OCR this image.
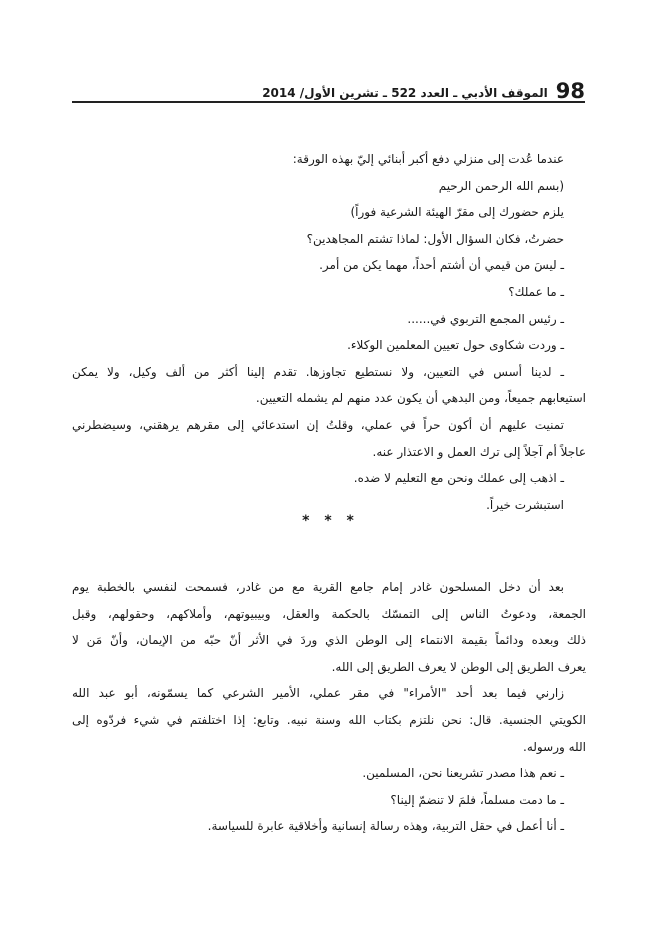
98
الموقف الأدبي ـ العدد 522 ـ تشرين الأول/ 2014

عندما عُدت إلى منزلي دفع أكبر أبنائي إليّ بهذه الورقة:

(بسم الله الرحمن الرحيم

يلزم حضورك إلى مقرّ الهيئة الشرعية فوراً)

حضرتُ، فكان السؤال الأول: لماذا تشتم المجاهدين؟

ـ ليسَ من قيمي أن أشتم أحداً، مهما يكن من أمر.

ـ ما عملك؟

ـ رئيس المجمع التربوي في......

ـ وردت شكاوى حول تعيين المعلمين الوكلاء.

ـ لدينا أسس في التعيين، ولا نستطيع تجاوزها. تقدم إلينا أكثر من ألف وكيل، ولا يمكن

استيعابهم جميعاً، ومن البدهي أن يكون عدد منهم لم يشمله التعيين.

تمنيت عليهم أن أكون حراً في عملي، وقلتُ إن استدعائي إلى مقرهم يرهقني، وسيضطرني

عاجلاً أم آجلاً إلى ترك العمل و الاعتذار عنه.

ـ اذهب إلى عملك ونحن مع التعليم لا ضده.

استبشرت خيراً.

* * *

بعد أن دخل المسلحون غادر إمام جامع القرية مع من غادر، فسمحت لنفسي بالخطبة يوم

الجمعة، ودعوتُ الناس إلى التمسّك بالحكمة والعقل، وبيبيوتهم، وأملاكهم، وحقولهم، وقبل

ذلك وبعده ودائماً بقيمة الانتماء إلى الوطن الذي وردَ في الأثر أنّ حبّه من الإيمان، وأنّ مَن لا

يعرف الطريق إلى الوطن لا يعرف الطريق إلى الله.

زارني فيما بعد أحد "الأمراء" في مقر عملي، الأمير الشرعي كما يسمّونه، أبو عبد الله

الكويتي الجنسية. قال: نحن نلتزم بكتاب الله وسنة نبيه. وتابع: إذا اختلفتم في شيء فردّوه إلى

الله ورسوله.

ـ نعم هذا مصدر تشريعنا نحن، المسلمين.

ـ ما دمت مسلماً، فلمَ لا تنضمّ إلينا؟

ـ أنا أعمل في حقل التربية، وهذه رسالة إنسانية وأخلاقية عابرة للسياسة.
